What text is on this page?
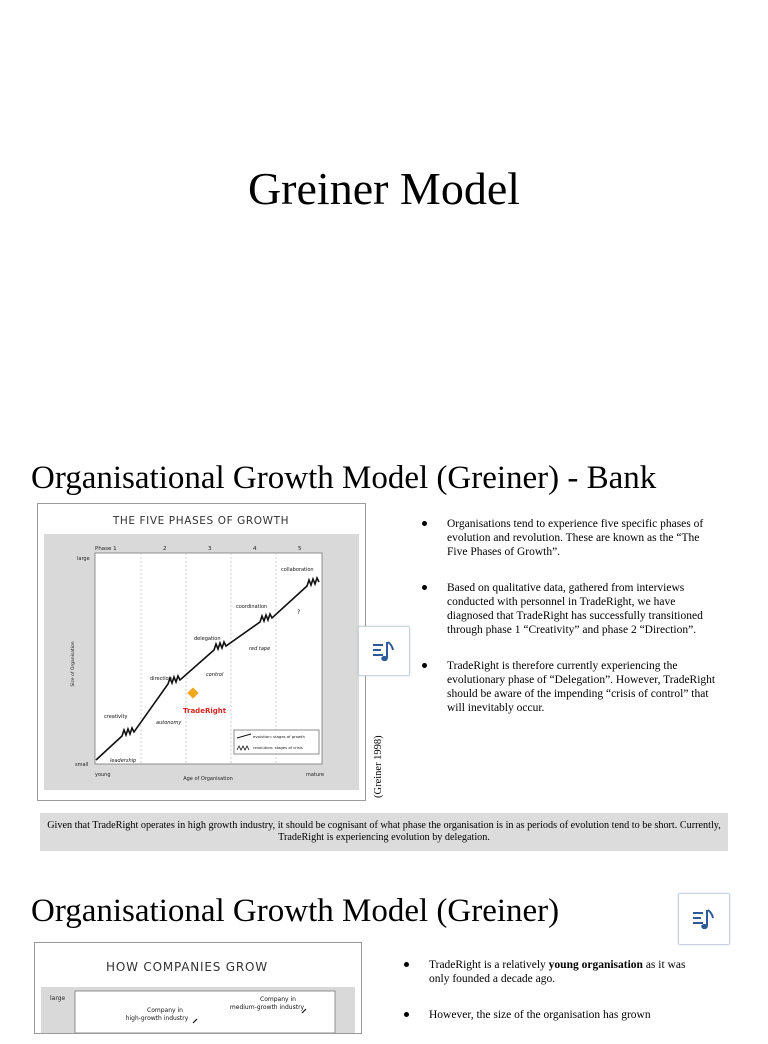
Greiner Model
Organisational Growth Model (Greiner) - Bank
THE FIVE PHASES OF GROWTH
Phase 1	2	3	4	5
large
small
Size of Organisation
young
Age of Organisation
mature
creativity
direction
delegation
coordination
collaboration
leadership
autonomy
control
red tape
?
TradeRight
evolution: stages of growth
revolution: stages of crisis	(Greiner 1998)
Organisations tend to experience five specific phases of evolution and revolution. These are known as the “The Five Phases of Growth”.
Based on qualitative data, gathered from interviews conducted with personnel in TradeRight, we have diagnosed that TradeRight has successfully transitioned through phase 1 “Creativity” and phase 2 “Direction”.
TradeRight is therefore currently experiencing the evolutionary phase of “Delegation”. However, TradeRight should be aware of the impending “crisis of control” that will inevitably occur.
Given that TradeRight operates in high growth industry, it should be cognisant of what phase the organisation is in as periods of evolution tend to be short. Currently, TradeRight is experiencing evolution by delegation.
Organisational Growth Model (Greiner)
HOW COMPANIES GROW
large
Company in
high-growth industry
Company in
medium-growth industry
TradeRight is a relatively young organisation as it was only founded a decade ago.
However, the size of the organisation has grown
